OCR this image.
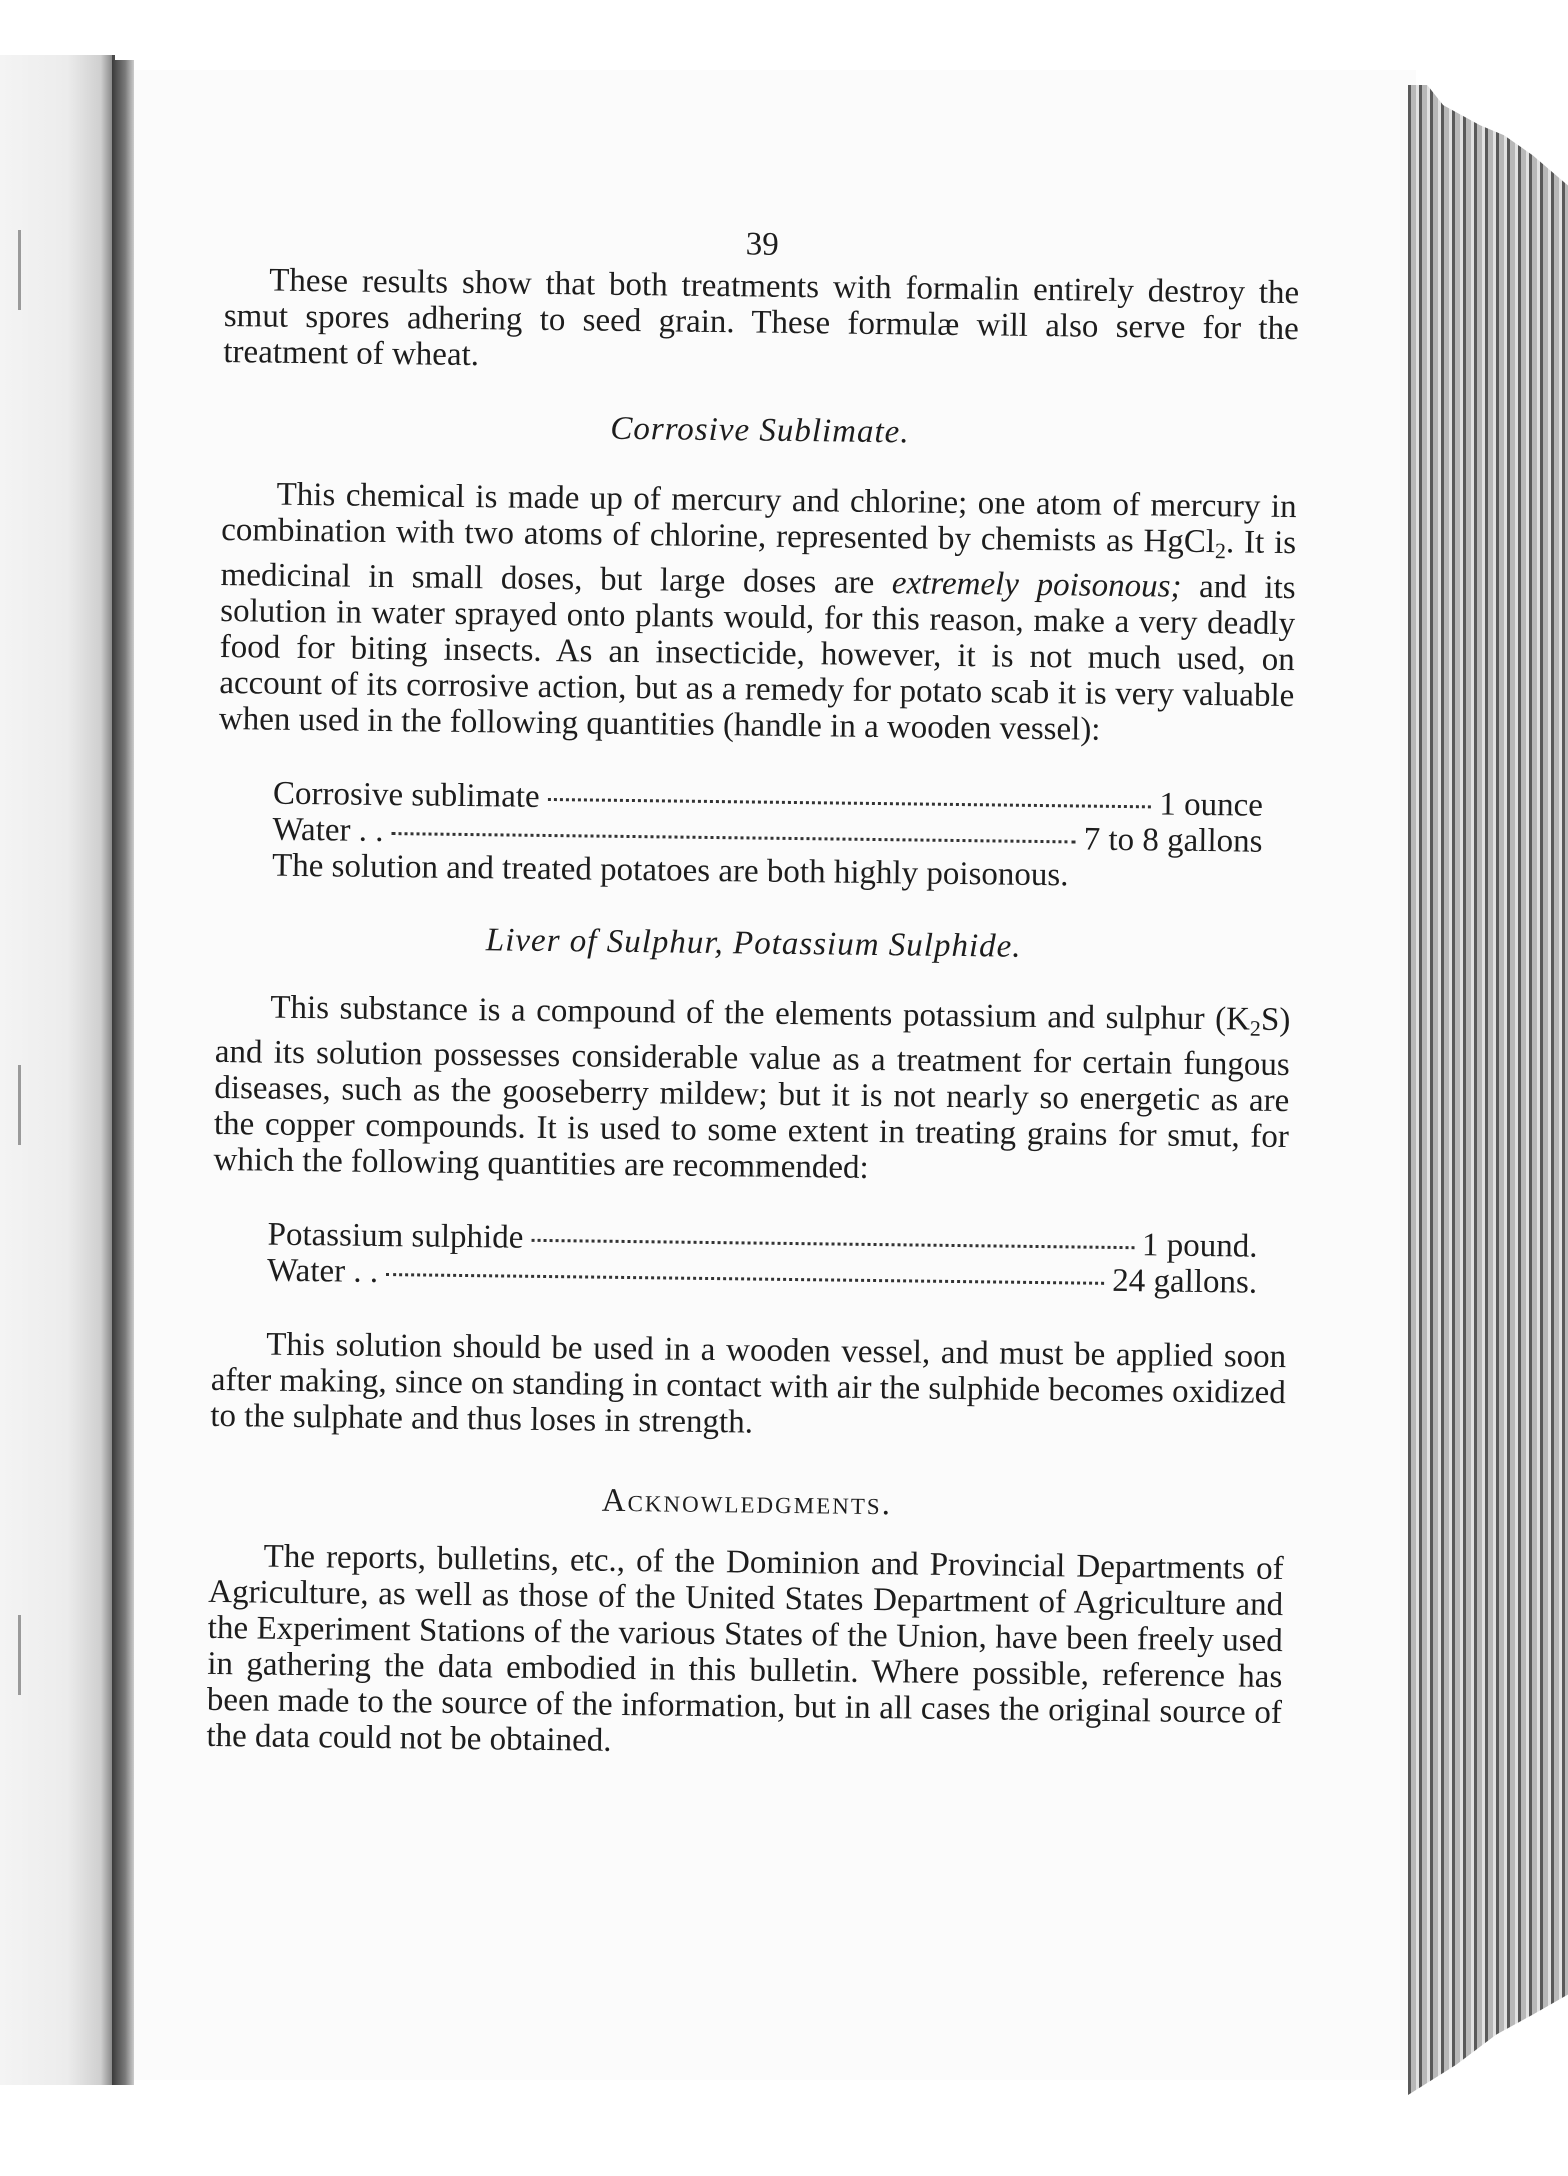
39

These results show that both treatments with formalin entirely destroy the smut spores adhering to seed grain. These formulæ will also serve for the treatment of wheat.

Corrosive Sublimate.

This chemical is made up of mercury and chlorine; one atom of mercury in combination with two atoms of chlorine, represented by chemists as HgCl$_2$. It is medicinal in small doses, but large doses are extremely poisonous; and its solution in water sprayed onto plants would, for this reason, make a very deadly food for biting insects. As an insecticide, however, it is not much used, on account of its corrosive action, but as a remedy for potato scab it is very valuable when used in the following quantities (handle in a wooden vessel):

Corrosive sublimate	1 ounce
Water . .	7 to 8 gallons
The solution and treated potatoes are both highly poisonous.
Liver of Sulphur, Potassium Sulphide.

This substance is a compound of the elements potassium and sulphur $(K_2S)$ and its solution possesses considerable value as a treatment for certain fungous diseases, such as the gooseberry mildew; but it is not nearly so energetic as are the copper compounds. It is used to some extent in treating grains for smut, for which the following quantities are recommended:

Potassium sulphide	1 pound.
Water . .	24 gallons.

This solution should be used in a wooden vessel, and must be applied soon after making, since on standing in contact with air the sulphide becomes oxidized to the sulphate and thus loses in strength.

Acknowledgments.

The reports, bulletins, etc., of the Dominion and Provincial Departments of Agriculture, as well as those of the United States Department of Agriculture and the Experiment Stations of the various States of the Union, have been freely used in gathering the data embodied in this bulletin. Where possible, reference has been made to the source of the information, but in all cases the original source of the data could not be obtained.
